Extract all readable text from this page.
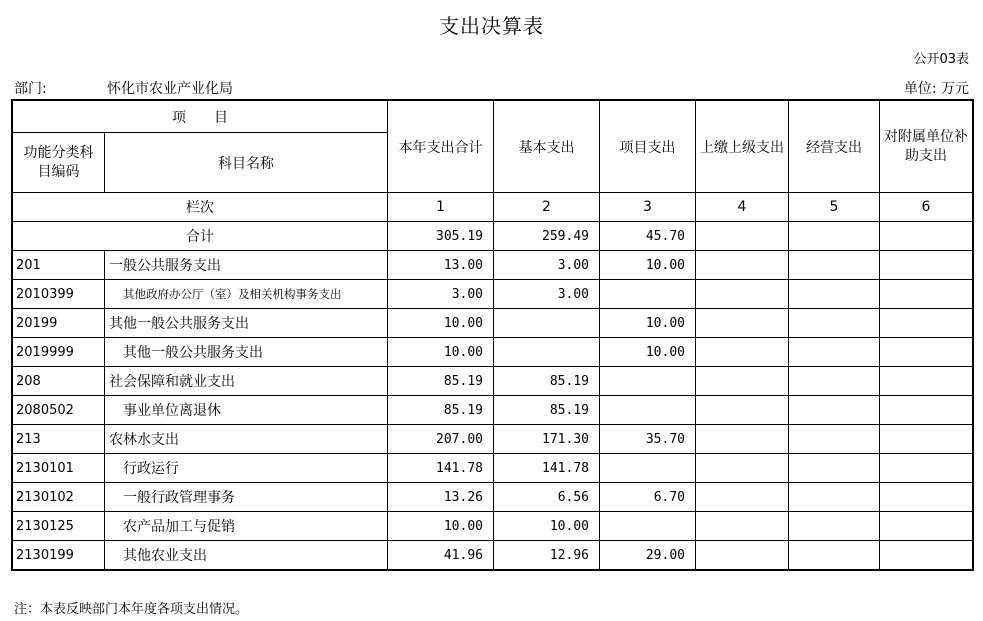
支出决算表
公开03表
部门:	怀化市农业产业化局	单位: 万元
项　　目		本年支出合计	基本支出	项目支出	上缴上级支出	经营支出	对附属单位补助支出
功能分类科目编码	科目名称						
栏次		1	2	3	4	5	6
合计		305.19	259.49	45.70			
201	一般公共服务支出	13.00	3.00	10.00			
2010399	其他政府办公厅（室）及相关机构事务支出	3.00	3.00				
20199	其他一般公共服务支出	10.00		10.00			
2019999	其他一般公共服务支出	10.00		10.00			
208	社会保障和就业支出	85.19	85.19				
2080502	事业单位离退休	85.19	85.19				
213	农林水支出	207.00	171.30	35.70			
2130101	行政运行	141.78	141.78				
2130102	一般行政管理事务	13.26	6.56	6.70			
2130125	农产品加工与促销	10.00	10.00				
2130199	其他农业支出	41.96	12.96	29.00			
注：本表反映部门本年度各项支出情况。
